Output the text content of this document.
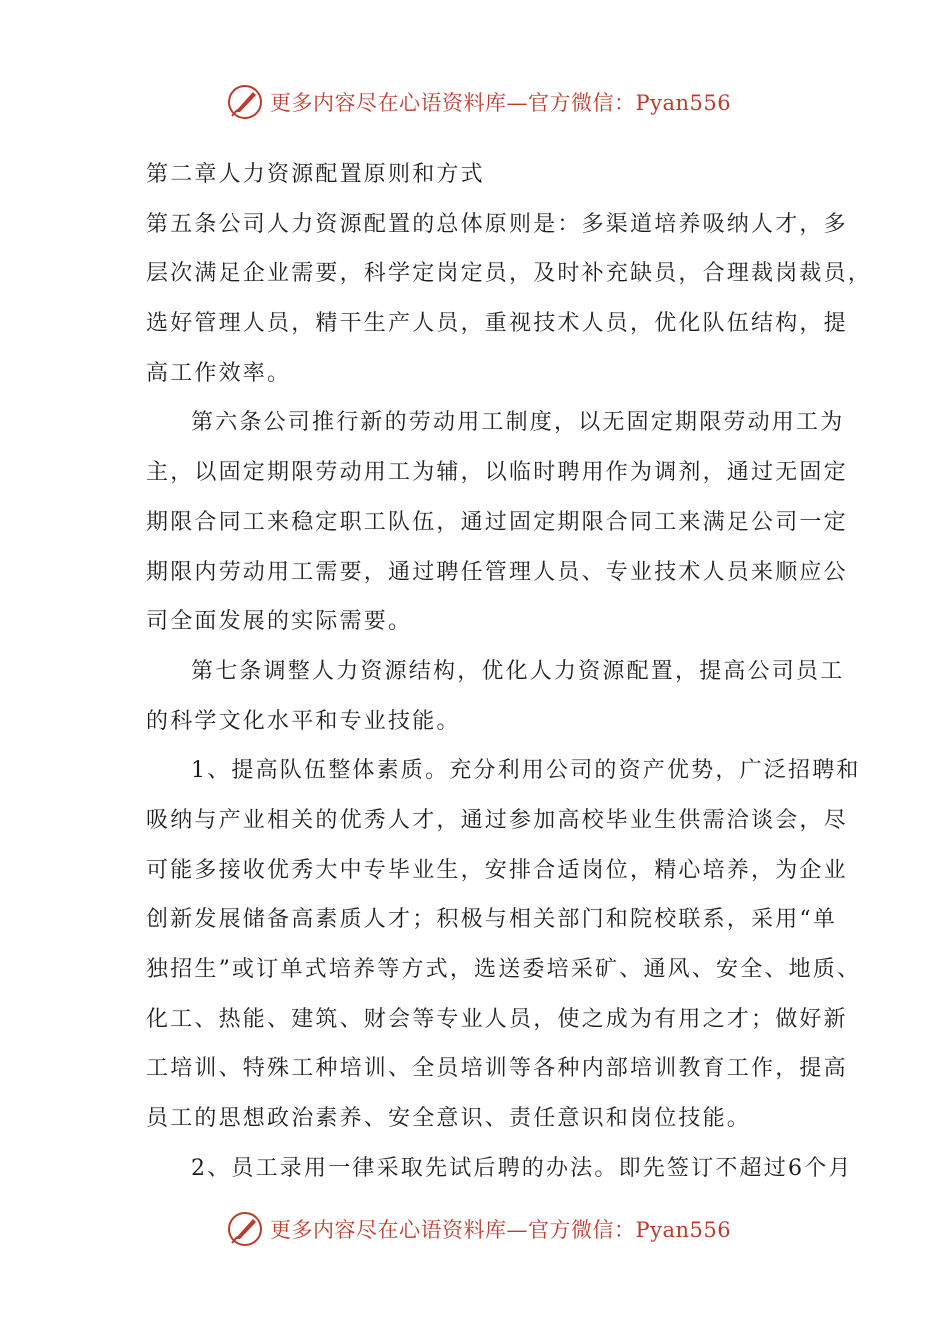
更多内容尽在心语资料库—官方微信：Pyan556
第二章人力资源配置原则和方式
第五条公司人力资源配置的总体原则是：多渠道培养吸纳人才，多
层次满足企业需要，科学定岗定员，及时补充缺员，合理裁岗裁员，
选好管理人员，精干生产人员，重视技术人员，优化队伍结构，提
高工作效率。
第六条公司推行新的劳动用工制度，以无固定期限劳动用工为
主，以固定期限劳动用工为辅，以临时聘用作为调剂，通过无固定
期限合同工来稳定职工队伍，通过固定期限合同工来满足公司一定
期限内劳动用工需要，通过聘任管理人员、专业技术人员来顺应公
司全面发展的实际需要。
第七条调整人力资源结构，优化人力资源配置，提高公司员工
的科学文化水平和专业技能。
1、提高队伍整体素质。充分利用公司的资产优势，广泛招聘和
吸纳与产业相关的优秀人才，通过参加高校毕业生供需洽谈会，尽
可能多接收优秀大中专毕业生，安排合适岗位，精心培养，为企业
创新发展储备高素质人才；积极与相关部门和院校联系，采用“单
独招生”或订单式培养等方式，选送委培采矿、通风、安全、地质、
化工、热能、建筑、财会等专业人员，使之成为有用之才；做好新
工培训、特殊工种培训、全员培训等各种内部培训教育工作，提高
员工的思想政治素养、安全意识、责任意识和岗位技能。
2、员工录用一律采取先试后聘的办法。即先签订不超过6个月
更多内容尽在心语资料库—官方微信：Pyan556
